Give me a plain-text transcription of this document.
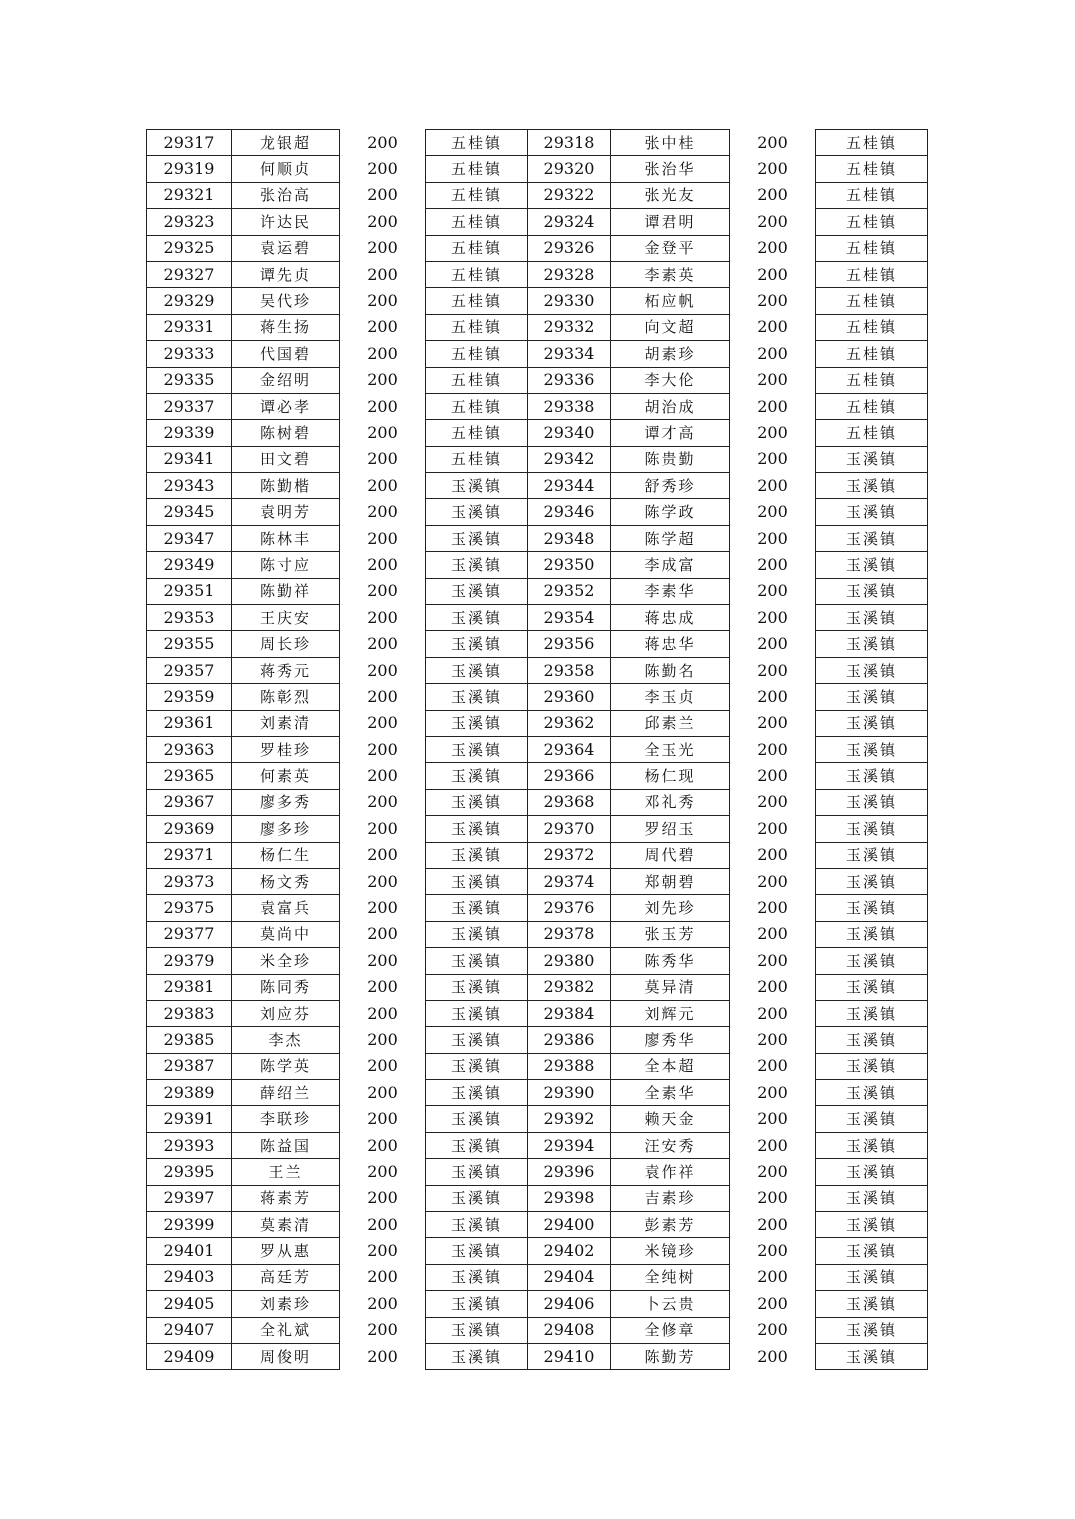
29317	龙银超	200	五桂镇	29318	张中桂	200	五桂镇
29319	何顺贞	200	五桂镇	29320	张治华	200	五桂镇
29321	张治高	200	五桂镇	29322	张光友	200	五桂镇
29323	许达民	200	五桂镇	29324	谭君明	200	五桂镇
29325	袁运碧	200	五桂镇	29326	金登平	200	五桂镇
29327	谭先贞	200	五桂镇	29328	李素英	200	五桂镇
29329	吴代珍	200	五桂镇	29330	柘应帆	200	五桂镇
29331	蒋生扬	200	五桂镇	29332	向文超	200	五桂镇
29333	代国碧	200	五桂镇	29334	胡素珍	200	五桂镇
29335	金绍明	200	五桂镇	29336	李大伦	200	五桂镇
29337	谭必孝	200	五桂镇	29338	胡治成	200	五桂镇
29339	陈树碧	200	五桂镇	29340	谭才高	200	五桂镇
29341	田文碧	200	五桂镇	29342	陈贵勤	200	玉溪镇
29343	陈勤楷	200	玉溪镇	29344	舒秀珍	200	玉溪镇
29345	袁明芳	200	玉溪镇	29346	陈学政	200	玉溪镇
29347	陈林丰	200	玉溪镇	29348	陈学超	200	玉溪镇
29349	陈寸应	200	玉溪镇	29350	李成富	200	玉溪镇
29351	陈勤祥	200	玉溪镇	29352	李素华	200	玉溪镇
29353	王庆安	200	玉溪镇	29354	蒋忠成	200	玉溪镇
29355	周长珍	200	玉溪镇	29356	蒋忠华	200	玉溪镇
29357	蒋秀元	200	玉溪镇	29358	陈勤名	200	玉溪镇
29359	陈彰烈	200	玉溪镇	29360	李玉贞	200	玉溪镇
29361	刘素清	200	玉溪镇	29362	邱素兰	200	玉溪镇
29363	罗桂珍	200	玉溪镇	29364	全玉光	200	玉溪镇
29365	何素英	200	玉溪镇	29366	杨仁现	200	玉溪镇
29367	廖多秀	200	玉溪镇	29368	邓礼秀	200	玉溪镇
29369	廖多珍	200	玉溪镇	29370	罗绍玉	200	玉溪镇
29371	杨仁生	200	玉溪镇	29372	周代碧	200	玉溪镇
29373	杨文秀	200	玉溪镇	29374	郑朝碧	200	玉溪镇
29375	袁富兵	200	玉溪镇	29376	刘先珍	200	玉溪镇
29377	莫尚中	200	玉溪镇	29378	张玉芳	200	玉溪镇
29379	米全珍	200	玉溪镇	29380	陈秀华	200	玉溪镇
29381	陈同秀	200	玉溪镇	29382	莫异清	200	玉溪镇
29383	刘应芬	200	玉溪镇	29384	刘辉元	200	玉溪镇
29385	李杰	200	玉溪镇	29386	廖秀华	200	玉溪镇
29387	陈学英	200	玉溪镇	29388	全本超	200	玉溪镇
29389	薛绍兰	200	玉溪镇	29390	全素华	200	玉溪镇
29391	李联珍	200	玉溪镇	29392	赖天金	200	玉溪镇
29393	陈益国	200	玉溪镇	29394	汪安秀	200	玉溪镇
29395	王兰	200	玉溪镇	29396	袁作祥	200	玉溪镇
29397	蒋素芳	200	玉溪镇	29398	吉素珍	200	玉溪镇
29399	莫素清	200	玉溪镇	29400	彭素芳	200	玉溪镇
29401	罗从惠	200	玉溪镇	29402	米镜珍	200	玉溪镇
29403	高廷芳	200	玉溪镇	29404	全纯树	200	玉溪镇
29405	刘素珍	200	玉溪镇	29406	卜云贵	200	玉溪镇
29407	全礼斌	200	玉溪镇	29408	全修章	200	玉溪镇
29409	周俊明	200	玉溪镇	29410	陈勤芳	200	玉溪镇
